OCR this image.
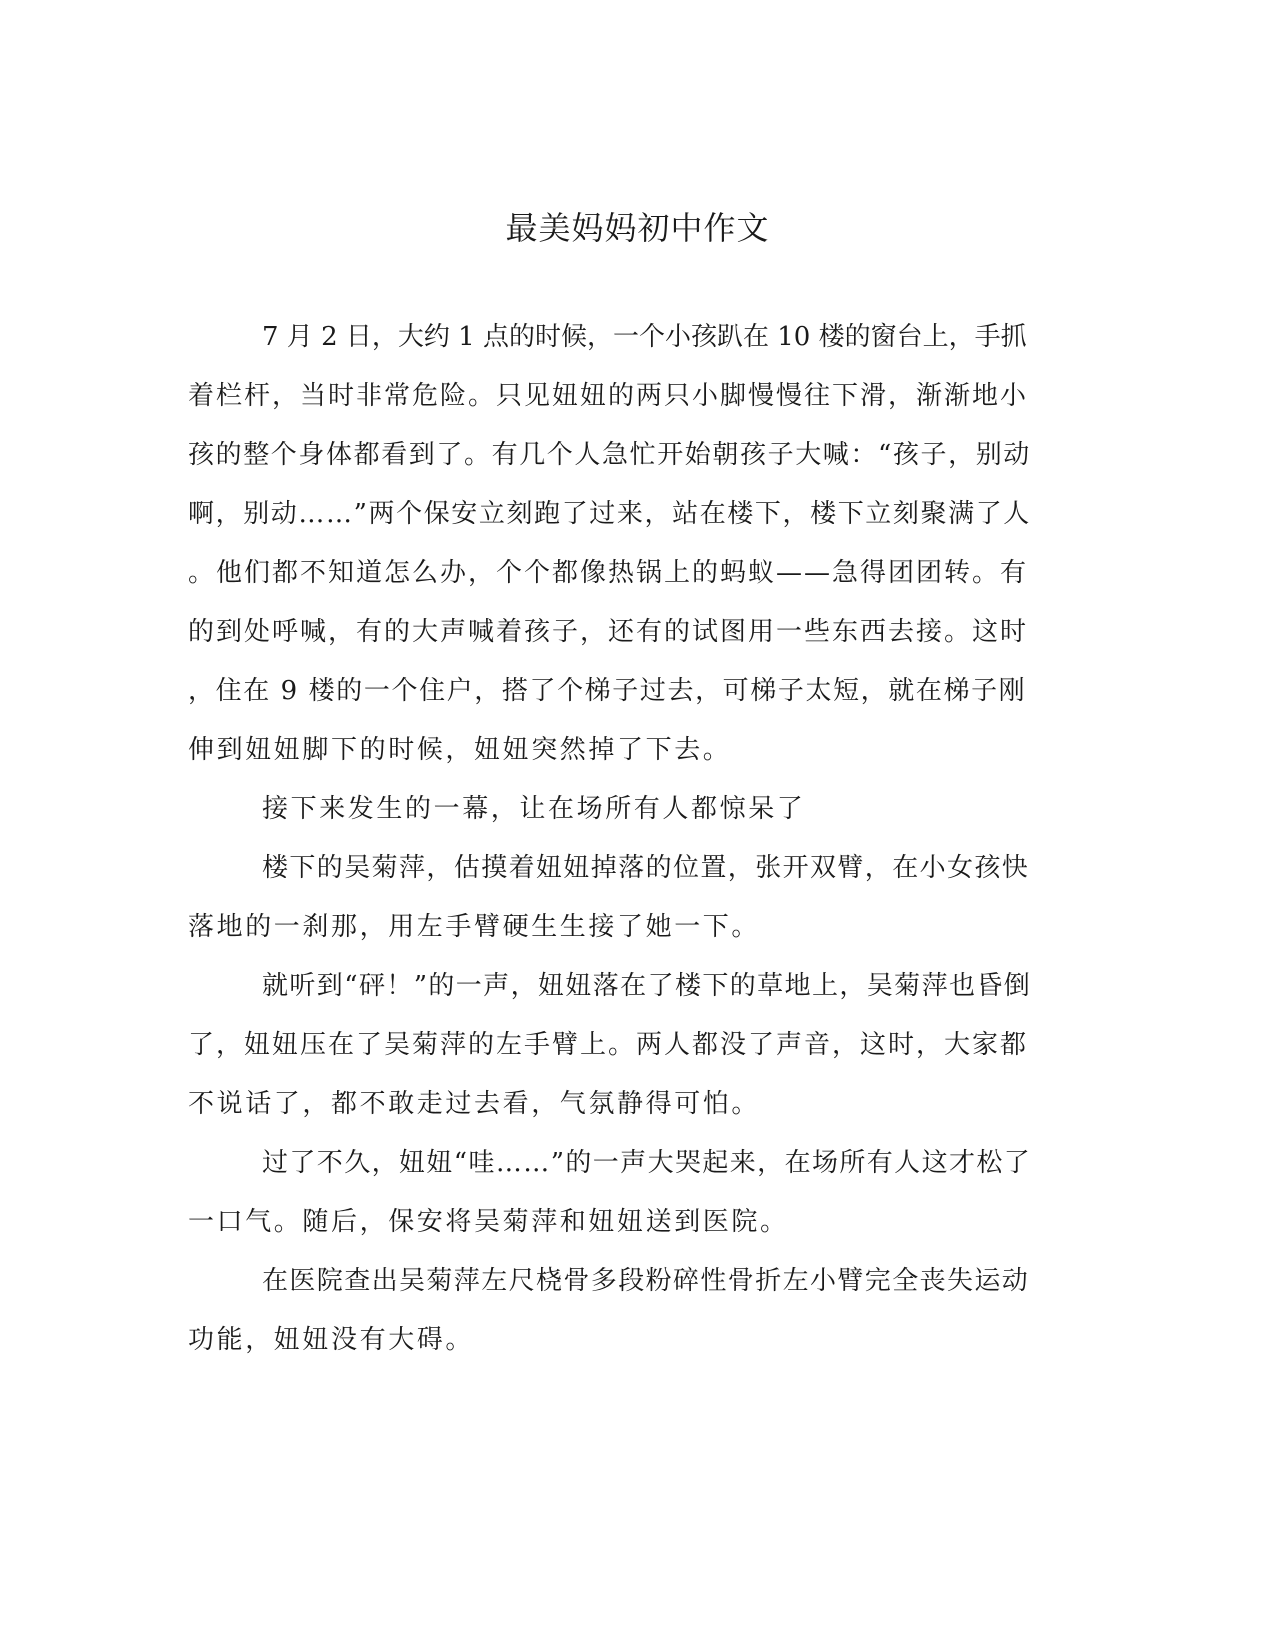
最美妈妈初中作文

7 月 2 日，大约 1 点的时候，一个小孩趴在 10 楼的窗台上，手抓

着栏杆，当时非常危险。只见妞妞的两只小脚慢慢往下滑，渐渐地小

孩的整个身体都看到了。有几个人急忙开始朝孩子大喊：“孩子，别动

啊，别动……”两个保安立刻跑了过来，站在楼下，楼下立刻聚满了人

。他们都不知道怎么办，个个都像热锅上的蚂蚁——急得团团转。有

的到处呼喊，有的大声喊着孩子，还有的试图用一些东西去接。这时

，住在 9 楼的一个住户，搭了个梯子过去，可梯子太短，就在梯子刚

伸到妞妞脚下的时候，妞妞突然掉了下去。

接下来发生的一幕，让在场所有人都惊呆了

楼下的吴菊萍，估摸着妞妞掉落的位置，张开双臂，在小女孩快

落地的一刹那，用左手臂硬生生接了她一下。

就听到“砰！”的一声，妞妞落在了楼下的草地上，吴菊萍也昏倒

了，妞妞压在了吴菊萍的左手臂上。两人都没了声音，这时，大家都

不说话了，都不敢走过去看，气氛静得可怕。

过了不久，妞妞“哇……”的一声大哭起来，在场所有人这才松了

一口气。随后，保安将吴菊萍和妞妞送到医院。

在医院查出吴菊萍左尺桡骨多段粉碎性骨折左小臂完全丧失运动

功能，妞妞没有大碍。
